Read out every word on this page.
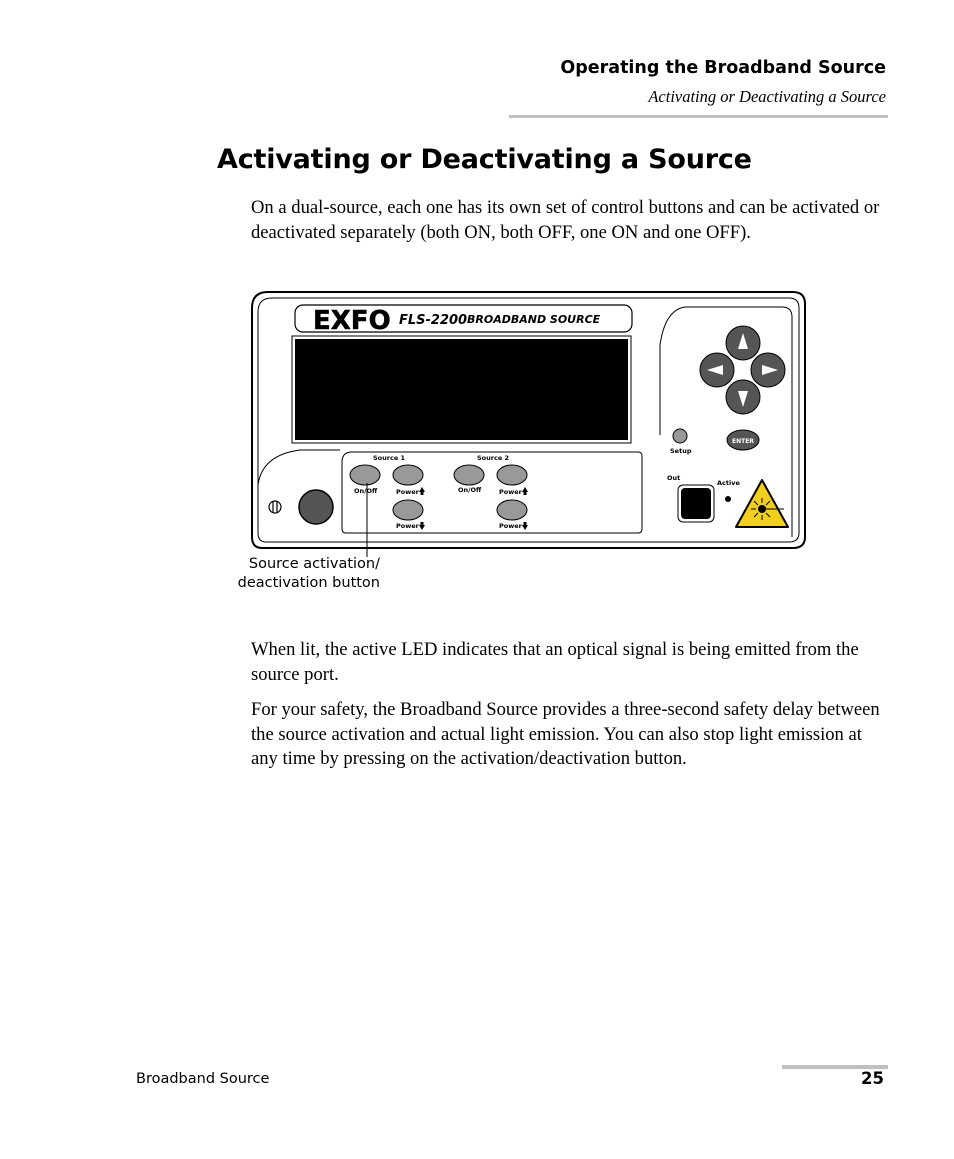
Operating the Broadband Source
Activating or Deactivating a Source
Activating or Deactivating a Source
On a dual-source, each one has its own set of control buttons and can be activated or deactivated separately (both ON, both OFF, one ON and one OFF).
EXFO FLS-2200 BROADBAND SOURCE
Source 1	Source 2
On/Off	Power
Power
On/Off	Power
Power
Setup
ENTER
Out
Active
Source activation/
deactivation button
When lit, the active LED indicates that an optical signal is being emitted from the source port.
For your safety, the Broadband Source provides a three-second safety delay between the source activation and actual light emission. You can also stop light emission at any time by pressing on the activation/deactivation button.
Broadband Source	25
